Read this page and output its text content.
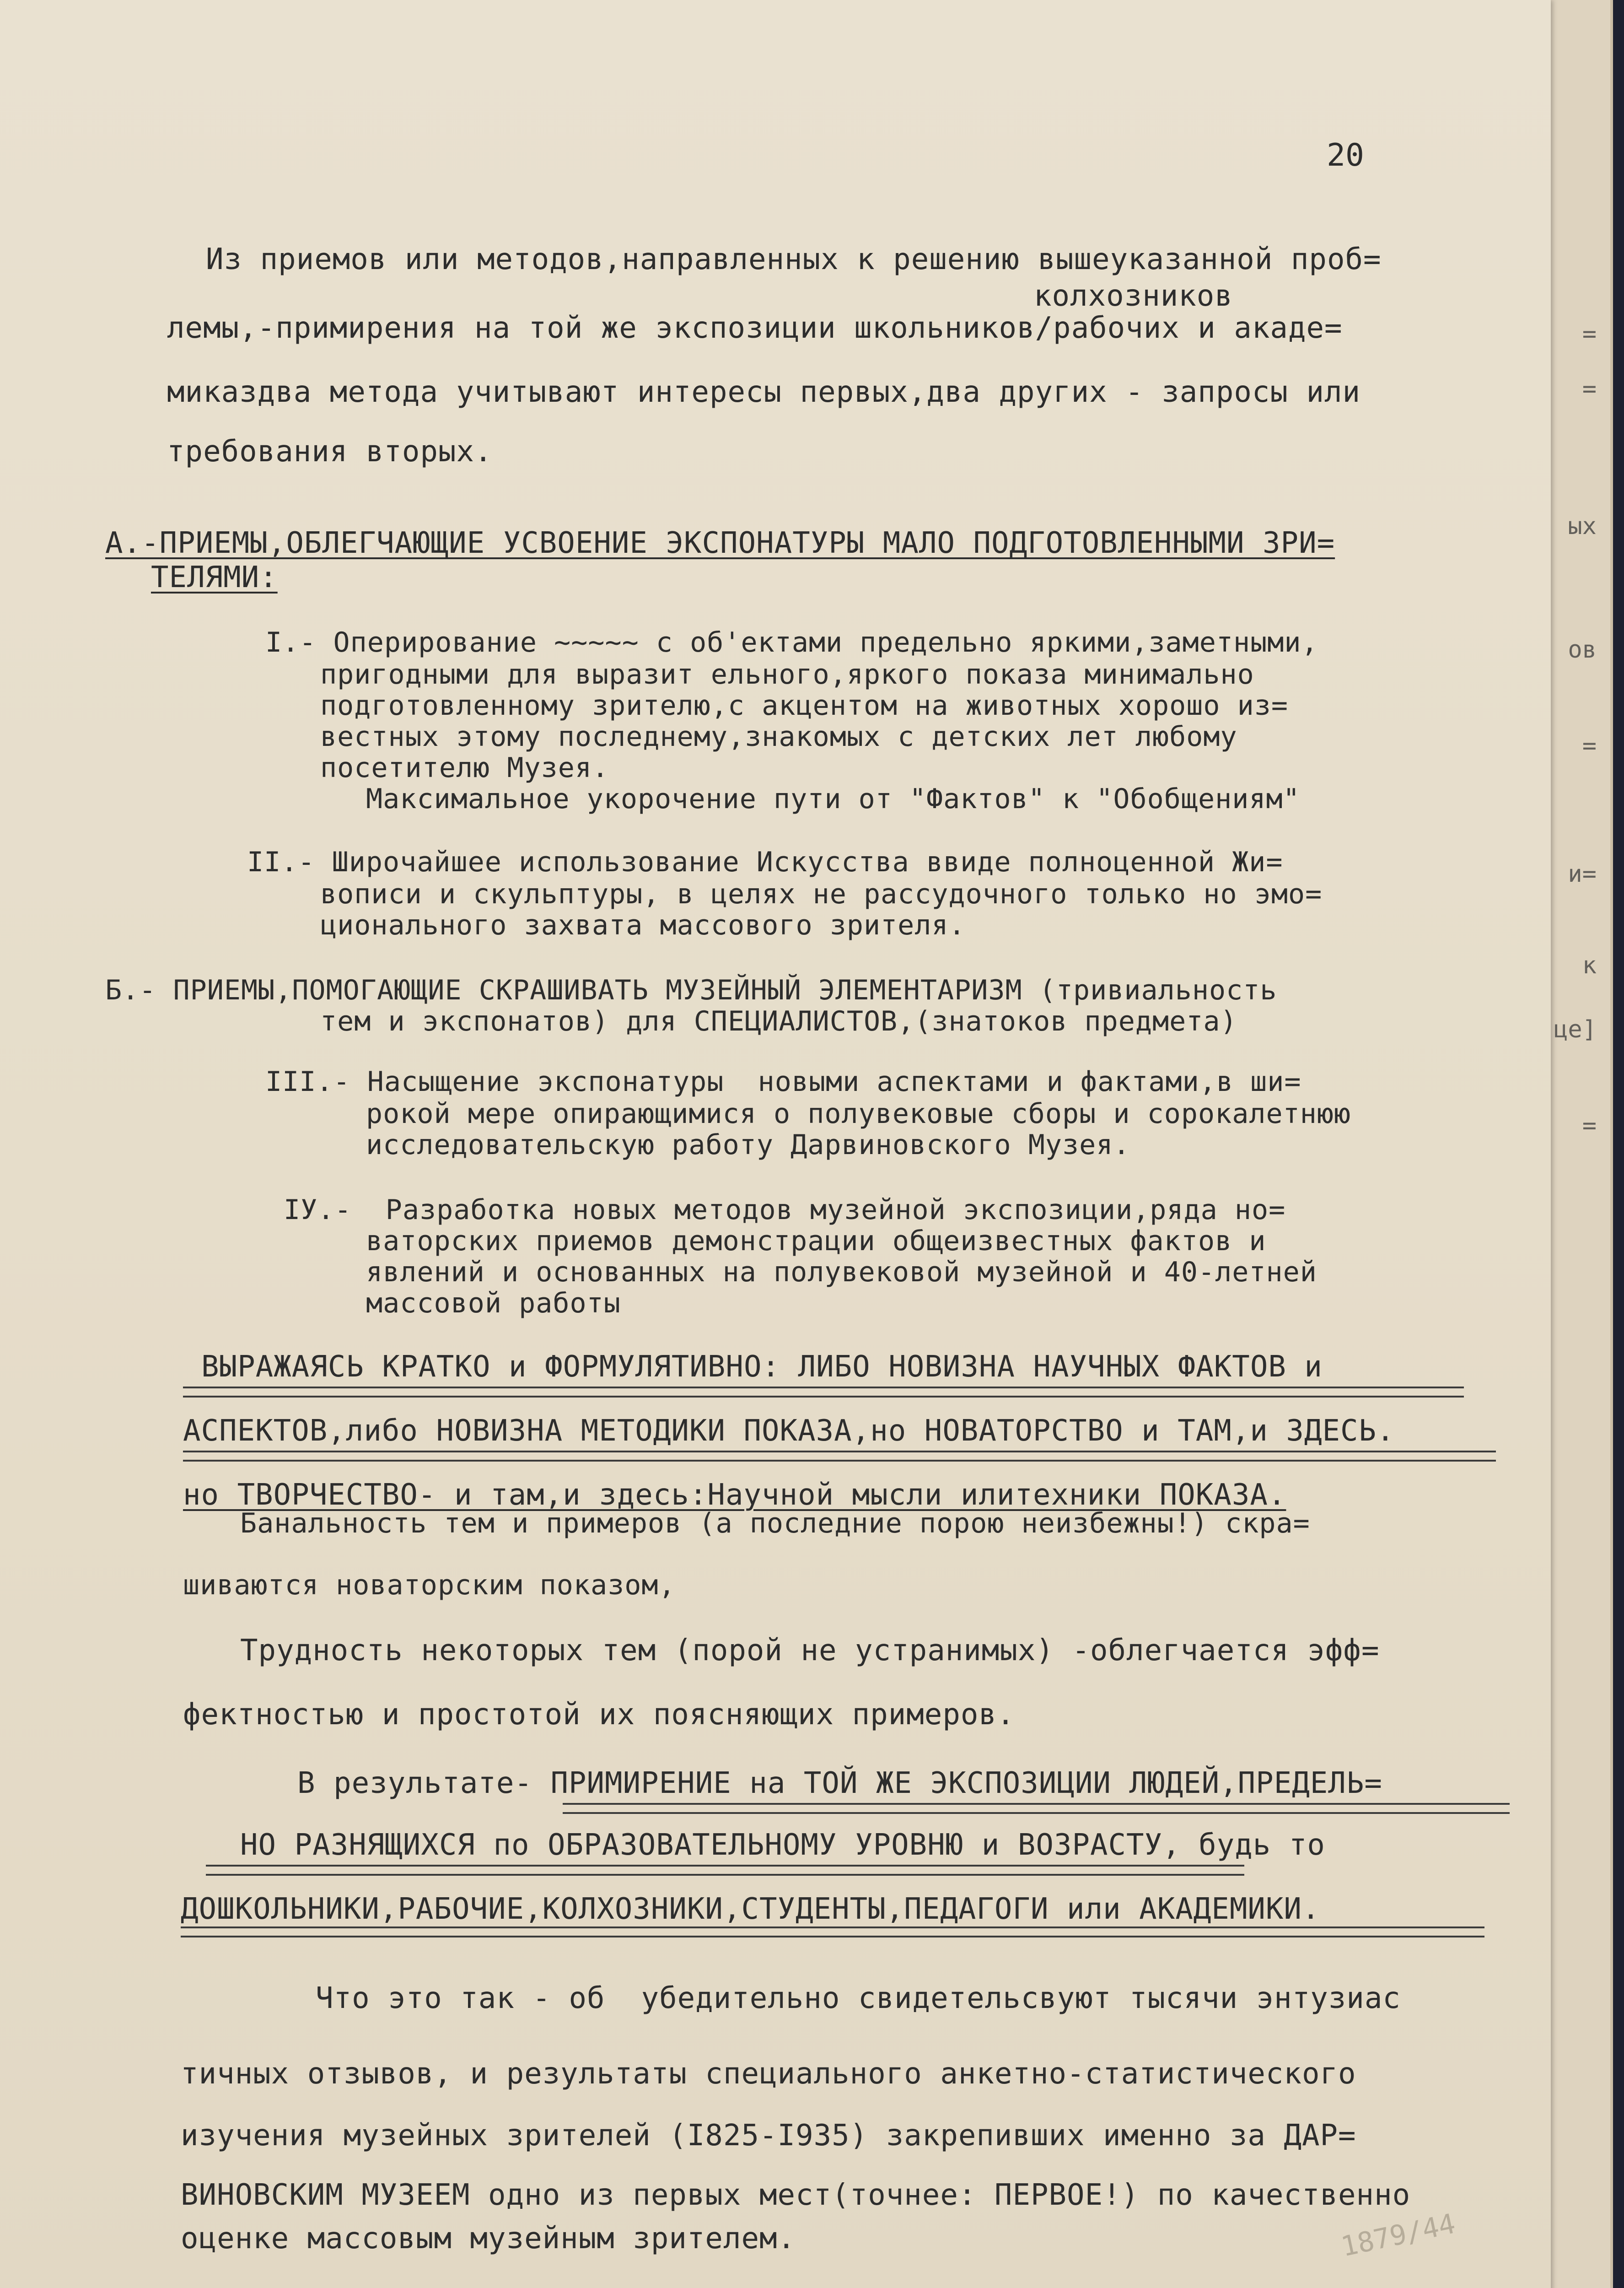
=
=
ых
ов
=
и=
к
це]
=
20
Из приемов или методов,направленных к решению вышеуказанной проб=
колхозников
лемы,-примирения на той же экспозиции школьников/рабочих и акаде=
миказдва метода учитывают интересы первых,два других - запросы или
требования вторых.
А.-ПРИЕМЫ,ОБЛЕГЧАЮЩИЕ УСВОЕНИЕ ЭКСПОНАТУРЫ МАЛО ПОДГОТОВЛЕННЫМИ ЗРИ=
ТЕЛЯМИ:
I.- Оперирование ~~~~~ с об'ектами предельно яркими,заметными,
пригодными для выразит ельного,яркого показа минимально
подготовленному зрителю,с акцентом на животных хорошо из=
вестных этому последнему,знакомых с детских лет любому
посетителю Музея.
Максимальное укорочение пути от "Фактов" к "Обобщениям"
II.- Широчайшее использование Искусства ввиде полноценной Жи=
вописи и скульптуры, в целях не рассудочного только но эмо=
ционального захвата массового зрителя.
Б.- ПРИЕМЫ,ПОМОГАЮЩИЕ СКРАШИВАТЬ МУЗЕЙНЫЙ ЭЛЕМЕНТАРИЗМ (тривиальность
тем и экспонатов) для СПЕЦИАЛИСТОВ,(знатоков предмета)
III.- Насыщение экспонатуры  новыми аспектами и фактами,в ши=
рокой мере опирающимися о полувековые сборы и сорокалетнюю
исследовательскую работу Дарвиновского Музея.
IУ.-  Разработка новых методов музейной экспозиции,ряда но=
ваторских приемов демонстрации общеизвестных фактов и
явлений и основанных на полувековой музейной и 40-летней
массовой работы
ВЫРАЖАЯСЬ КРАТКО и ФОРМУЛЯТИВНО: ЛИБО НОВИЗНА НАУЧНЫХ ФАКТОВ и
АСПЕКТОВ,либо НОВИЗНА МЕТОДИКИ ПОКАЗА,но НОВАТОРСТВО и ТАМ,и ЗДЕСЬ.
но ТВОРЧЕСТВО- и там,и здесь:Научной мысли илитехники ПОКАЗА.
Банальность тем и примеров (а последние порою неизбежны!) скра=
шиваются новаторским показом,
Трудность некоторых тем (порой не устранимых) -облегчается эфф=
фектностью и простотой их поясняющих примеров.
В результате- ПРИМИРЕНИЕ на ТОЙ ЖЕ ЭКСПОЗИЦИИ ЛЮДЕЙ,ПРЕДЕЛЬ=
НО РАЗНЯЩИХСЯ по ОБРАЗОВАТЕЛЬНОМУ УРОВНЮ и ВОЗРАСТУ, будь то
ДОШКОЛЬНИКИ,РАБОЧИЕ,КОЛХОЗНИКИ,СТУДЕНТЫ,ПЕДАГОГИ или АКАДЕМИКИ.
Что это так - об  убедительно свидетельсвуют тысячи энтузиас
тичных отзывов, и результаты специального анкетно-статистического
изучения музейных зрителей (I825-I935) закрепивших именно за ДАР=
ВИНОВСКИМ МУЗЕЕМ одно из первых мест(точнее: ПЕРВОЕ!) по качественно
оценке массовым музейным зрителем.	1879/44
